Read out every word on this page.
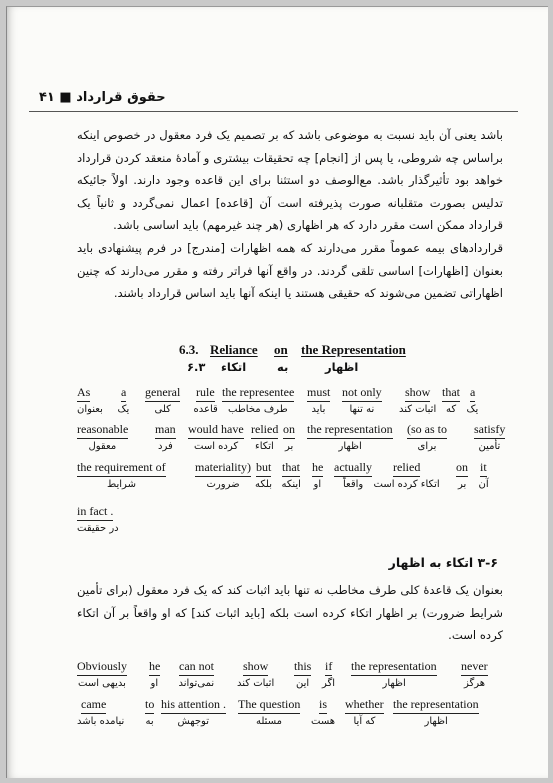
حقوق قرارداد ■ ۴۱
باشد یعنی آن باید نسبت به موضوعی باشد که بر تصمیم یک فرد معقول در خصوص اینکه براساس چه شروطی، یا پس از [انجام] چه تحقیقات بیشتری و آمادهٔ منعقد کردن قرارداد خواهد بود تأثیرگذار باشد. مع‌الوصف دو استثنا برای این قاعده وجود دارند. اولاً جائیکه تدلیس بصورت متقلبانه صورت پذیرفته است آن [قاعده] اعمال نمی‌گردد و ثانیاً یک قرارداد ممکن است مقرر دارد که هر اظهاری (هر چند غیرمهم) باید اساسی باشد.
قراردادهای بیمه عموماً مقرر می‌دارند که همه اظهارات [مندرج] در فرم پیشنهادی باید بعنوان [اظهارات] اساسی تلقی گردند. در واقع آنها فراتر رفته و مقرر می‌دارند که چنین اظهاراتی تضمین می‌شوند که حقیقی هستند یا اینکه آنها باید اساس قرارداد باشند.
6.3. Reliance on the Representation
۶.۳ اتکاء	به	اظهار
As
بعنوان
a
یک
general
کلی
rule
قاعده
the representee
طرف مخاطب
must
باید
not only
نه تنها
show
اثبات کند
that
که
a
یک
reasonable
معقول
man
فرد
would have
کرده است
relied
اتکاء
on
بر
the representation
اظهار
(so as to
برای
satisfy
تأمین
the requirement of
شرایط
materiality)
ضرورت
but
بلکه
that
اینکه
he
او
actually
واقعاً
relied
اتکاء کرده است
on
بر
it
آن
in fact .
در حقیقت
۳-۶ اتکاء به اظهار
بعنوان یک قاعدهٔ کلی طرف مخاطب نه تنها باید اثبات کند که یک فرد معقول (برای تأمین شرایط ضرورت) بر اظهار اتکاء کرده است بلکه [باید اثبات کند] که او واقعاً بر آن اتکاء کرده است.
Obviously
بدیهی است
he
او
can not
نمی‌تواند
show
اثبات کند
this
این
if
اگر
the representation
اظهار
never
هرگز
came
نیامده باشد
to
به
his attention .
توجهش
The question
مسئله
is
هست
whether
که آیا
the representation
اظهار
